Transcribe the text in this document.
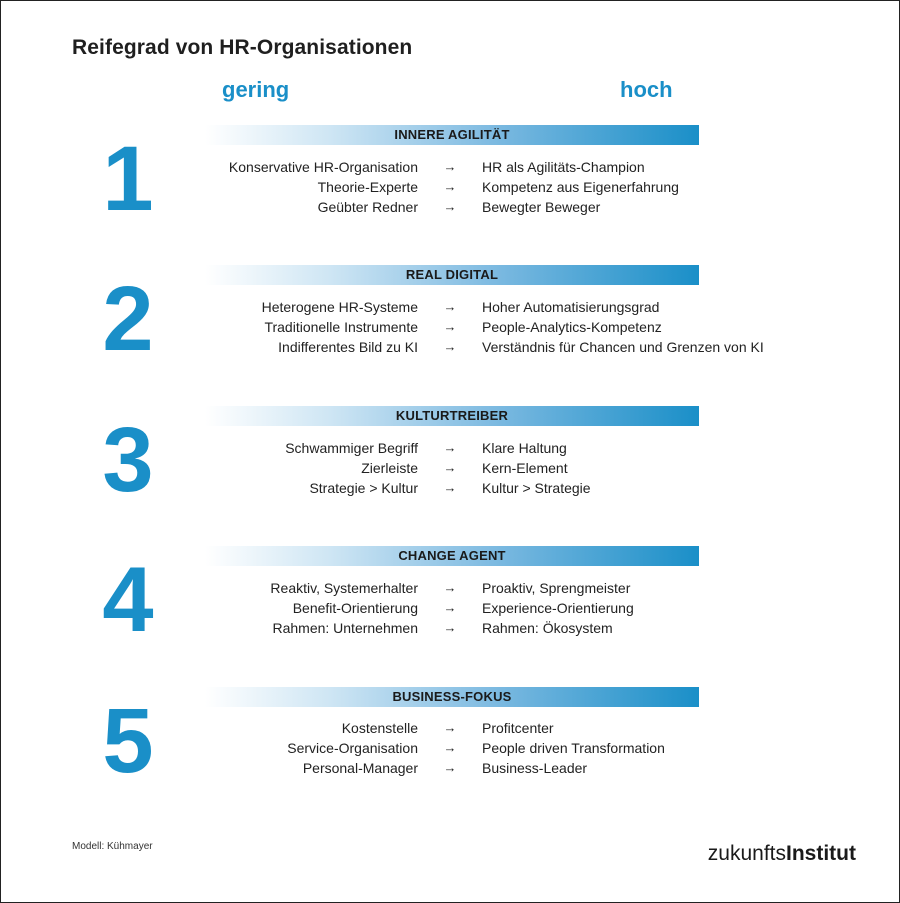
Reifegrad von HR-Organisationen
gering	hoch
1	INNERE AGILITÄT
Konservative HR-Organisation → HR als Agilitäts-Champion
Theorie-Experte → Kompetenz aus Eigenerfahrung
Geübter Redner → Bewegter Beweger
2	REAL DIGITAL
Heterogene HR-Systeme → Hoher Automatisierungsgrad
Traditionelle Instrumente → People-Analytics-Kompetenz
Indifferentes Bild zu KI → Verständnis für Chancen und Grenzen von KI
3	KULTURTREIBER
Schwammiger Begriff → Klare Haltung
Zierleiste → Kern-Element
Strategie > Kultur → Kultur > Strategie
4	CHANGE AGENT
Reaktiv, Systemerhalter → Proaktiv, Sprengmeister
Benefit-Orientierung → Experience-Orientierung
Rahmen: Unternehmen → Rahmen: Ökosystem
5	BUSINESS-FOKUS
Kostenstelle → Profitcenter
Service-Organisation → People driven Transformation
Personal-Manager → Business-Leader
Modell: Kühmayer	zukunftsInstitut
